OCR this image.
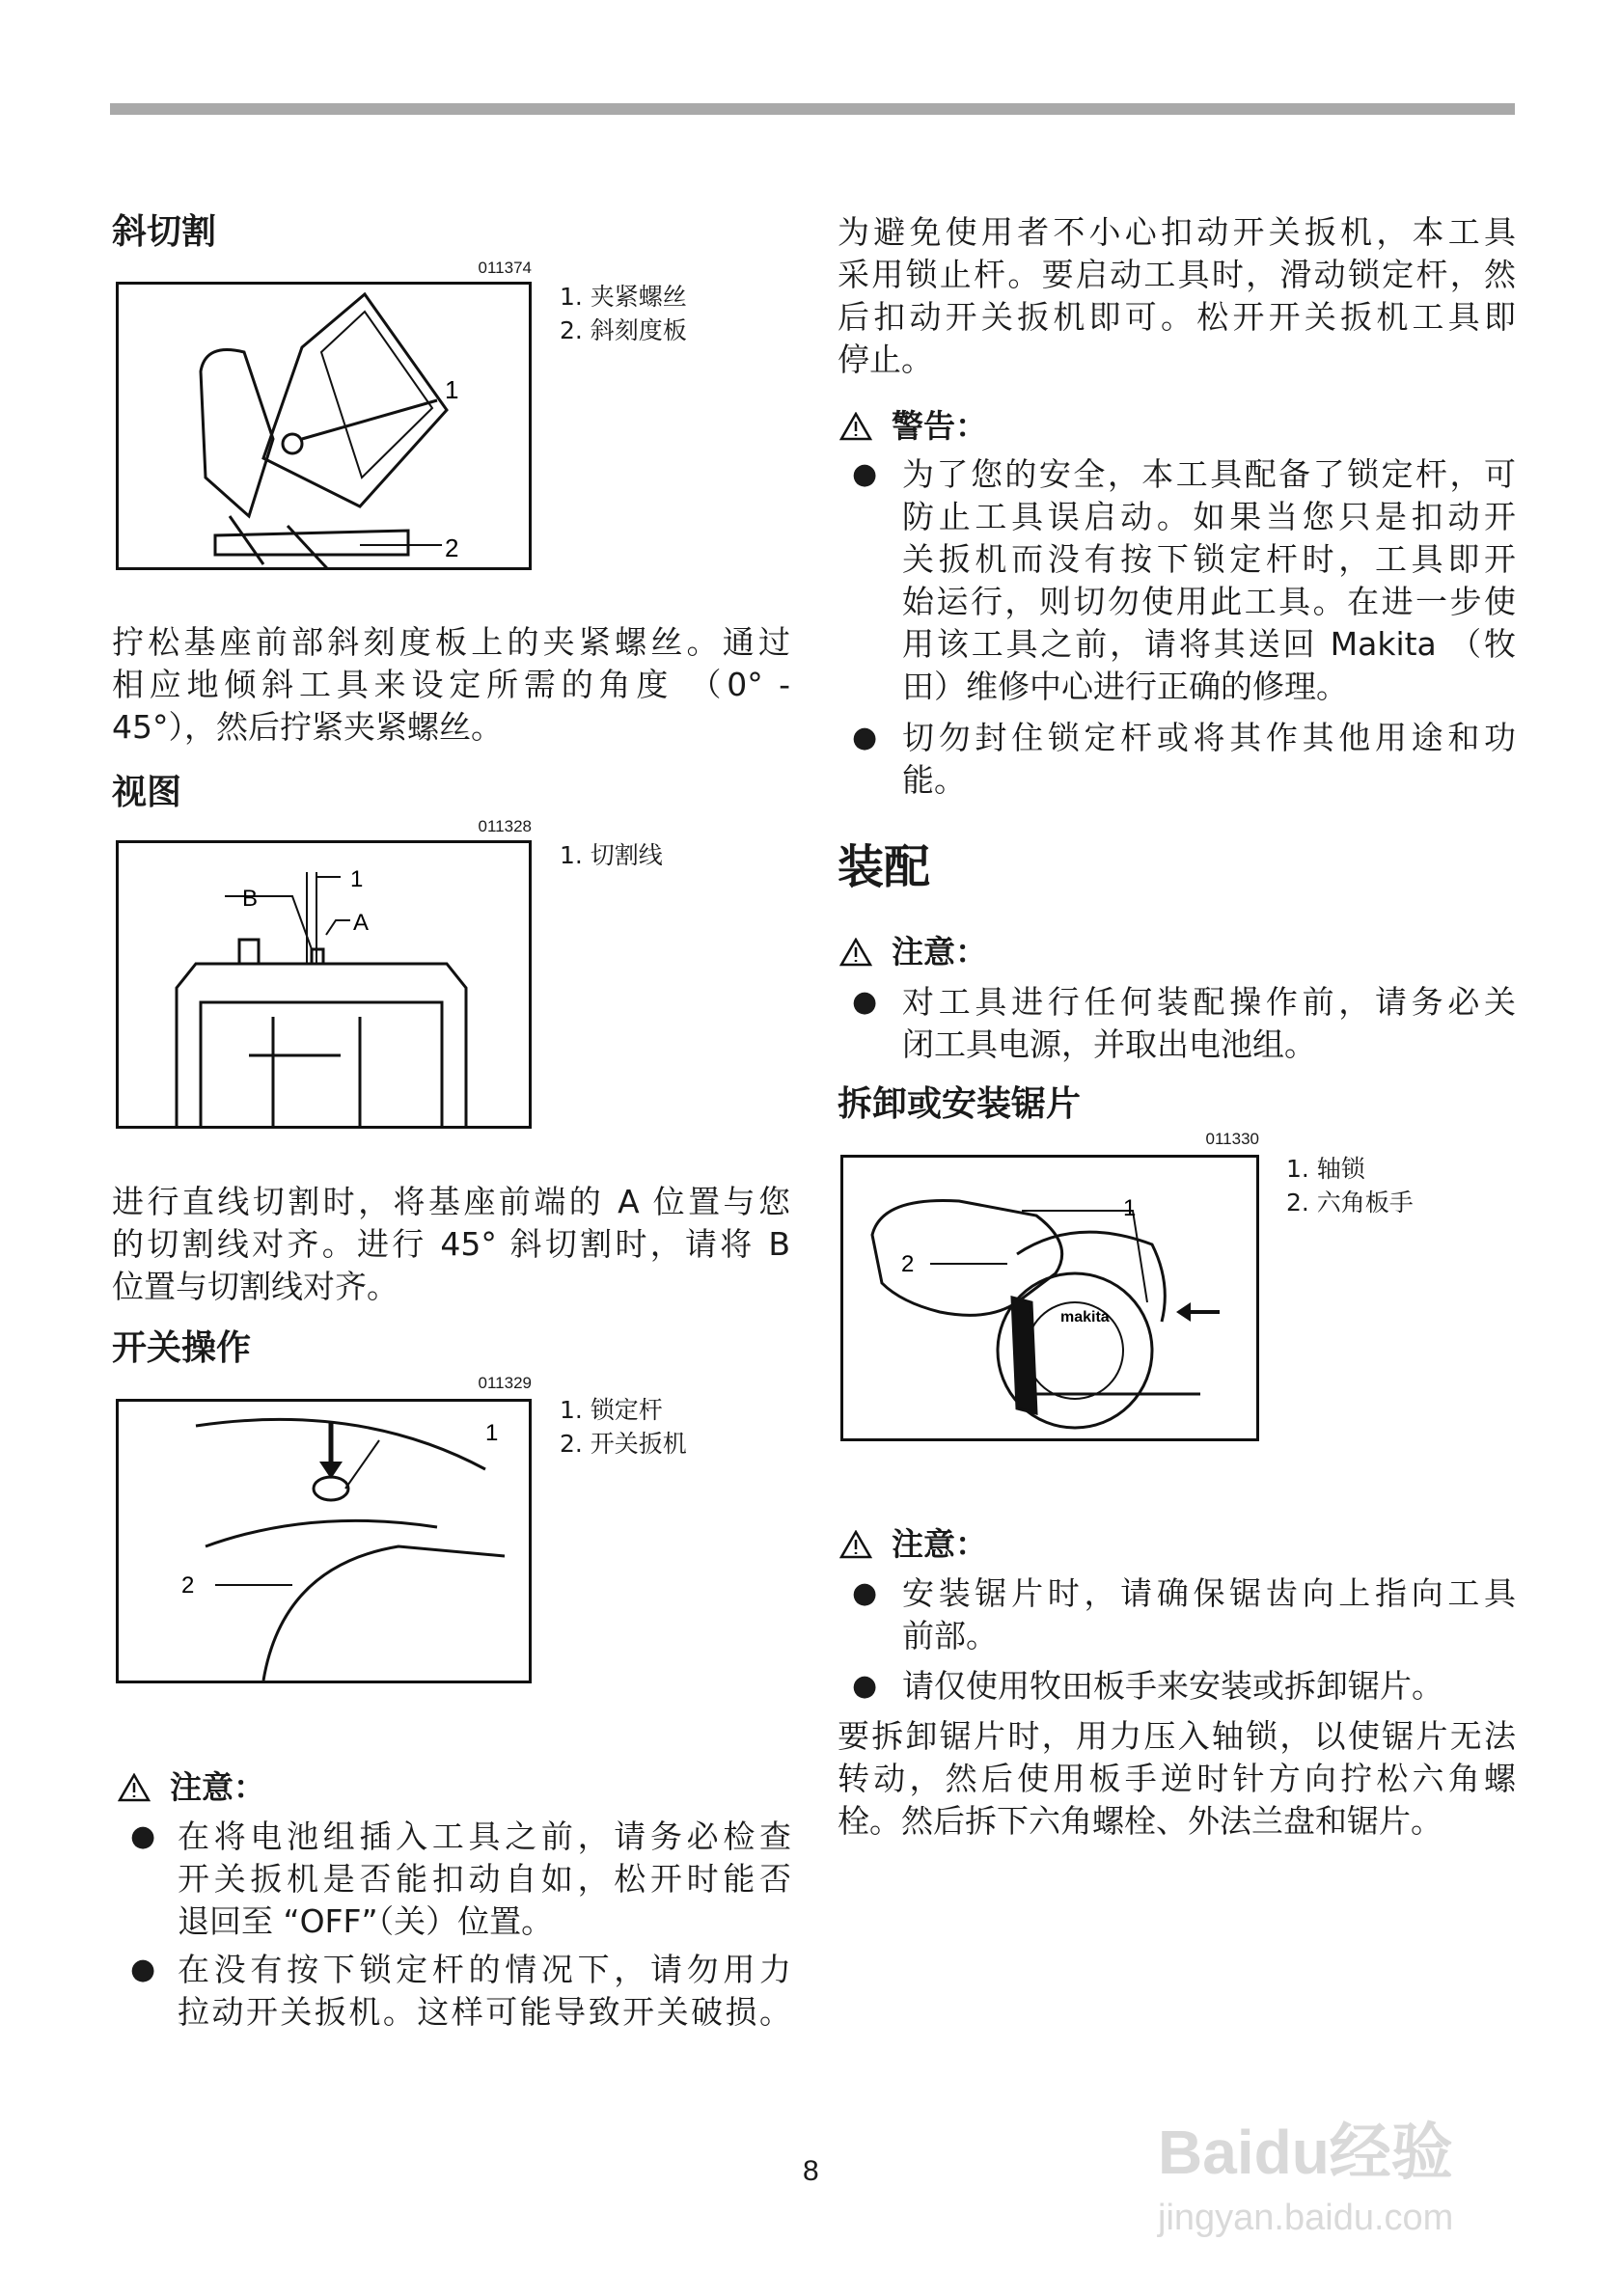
斜切割
011374
1
2
1. 夹紧螺丝
2. 斜刻度板
拧松基座前部斜刻度板上的夹紧螺丝。通过
相应地倾斜工具来设定所需的角度 （0° -
45°），然后拧紧夹紧螺丝。
视图
011328
B
1
A
1. 切割线
进行直线切割时，将基座前端的 A 位置与您
的切割线对齐。进行 45° 斜切割时，请将 B
位置与切割线对齐。
开关操作
011329
1
2
1. 锁定杆
2. 开关扳机
注意：
● 在将电池组插入工具之前，请务必检查
开关扳机是否能扣动自如，松开时能否
退回至 “OFF”（关）位置。
● 在没有按下锁定杆的情况下，请勿用力
拉动开关扳机。这样可能导致开关破损。
为避免使用者不小心扣动开关扳机，本工具
采用锁止杆。要启动工具时，滑动锁定杆，然
后扣动开关扳机即可。松开开关扳机工具即
停止。
警告：
● 为了您的安全，本工具配备了锁定杆，可
防止工具误启动。如果当您只是扣动开
关扳机而没有按下锁定杆时，工具即开
始运行，则切勿使用此工具。在进一步使
用该工具之前，请将其送回 Makita （牧
田）维修中心进行正确的修理。
● 切勿封住锁定杆或将其作其他用途和功
能。
装配
注意：
● 对工具进行任何装配操作前，请务必关
闭工具电源，并取出电池组。
拆卸或安装锯片
011330
makita
1
2
1. 轴锁
2. 六角板手
注意：
● 安装锯片时，请确保锯齿向上指向工具
前部。
● 请仅使用牧田板手来安装或拆卸锯片。
要拆卸锯片时，用力压入轴锁，以使锯片无法
转动，然后使用板手逆时针方向拧松六角螺
栓。然后拆下六角螺栓、外法兰盘和锯片。
8	Baidu经验
jingyan.baidu.com
